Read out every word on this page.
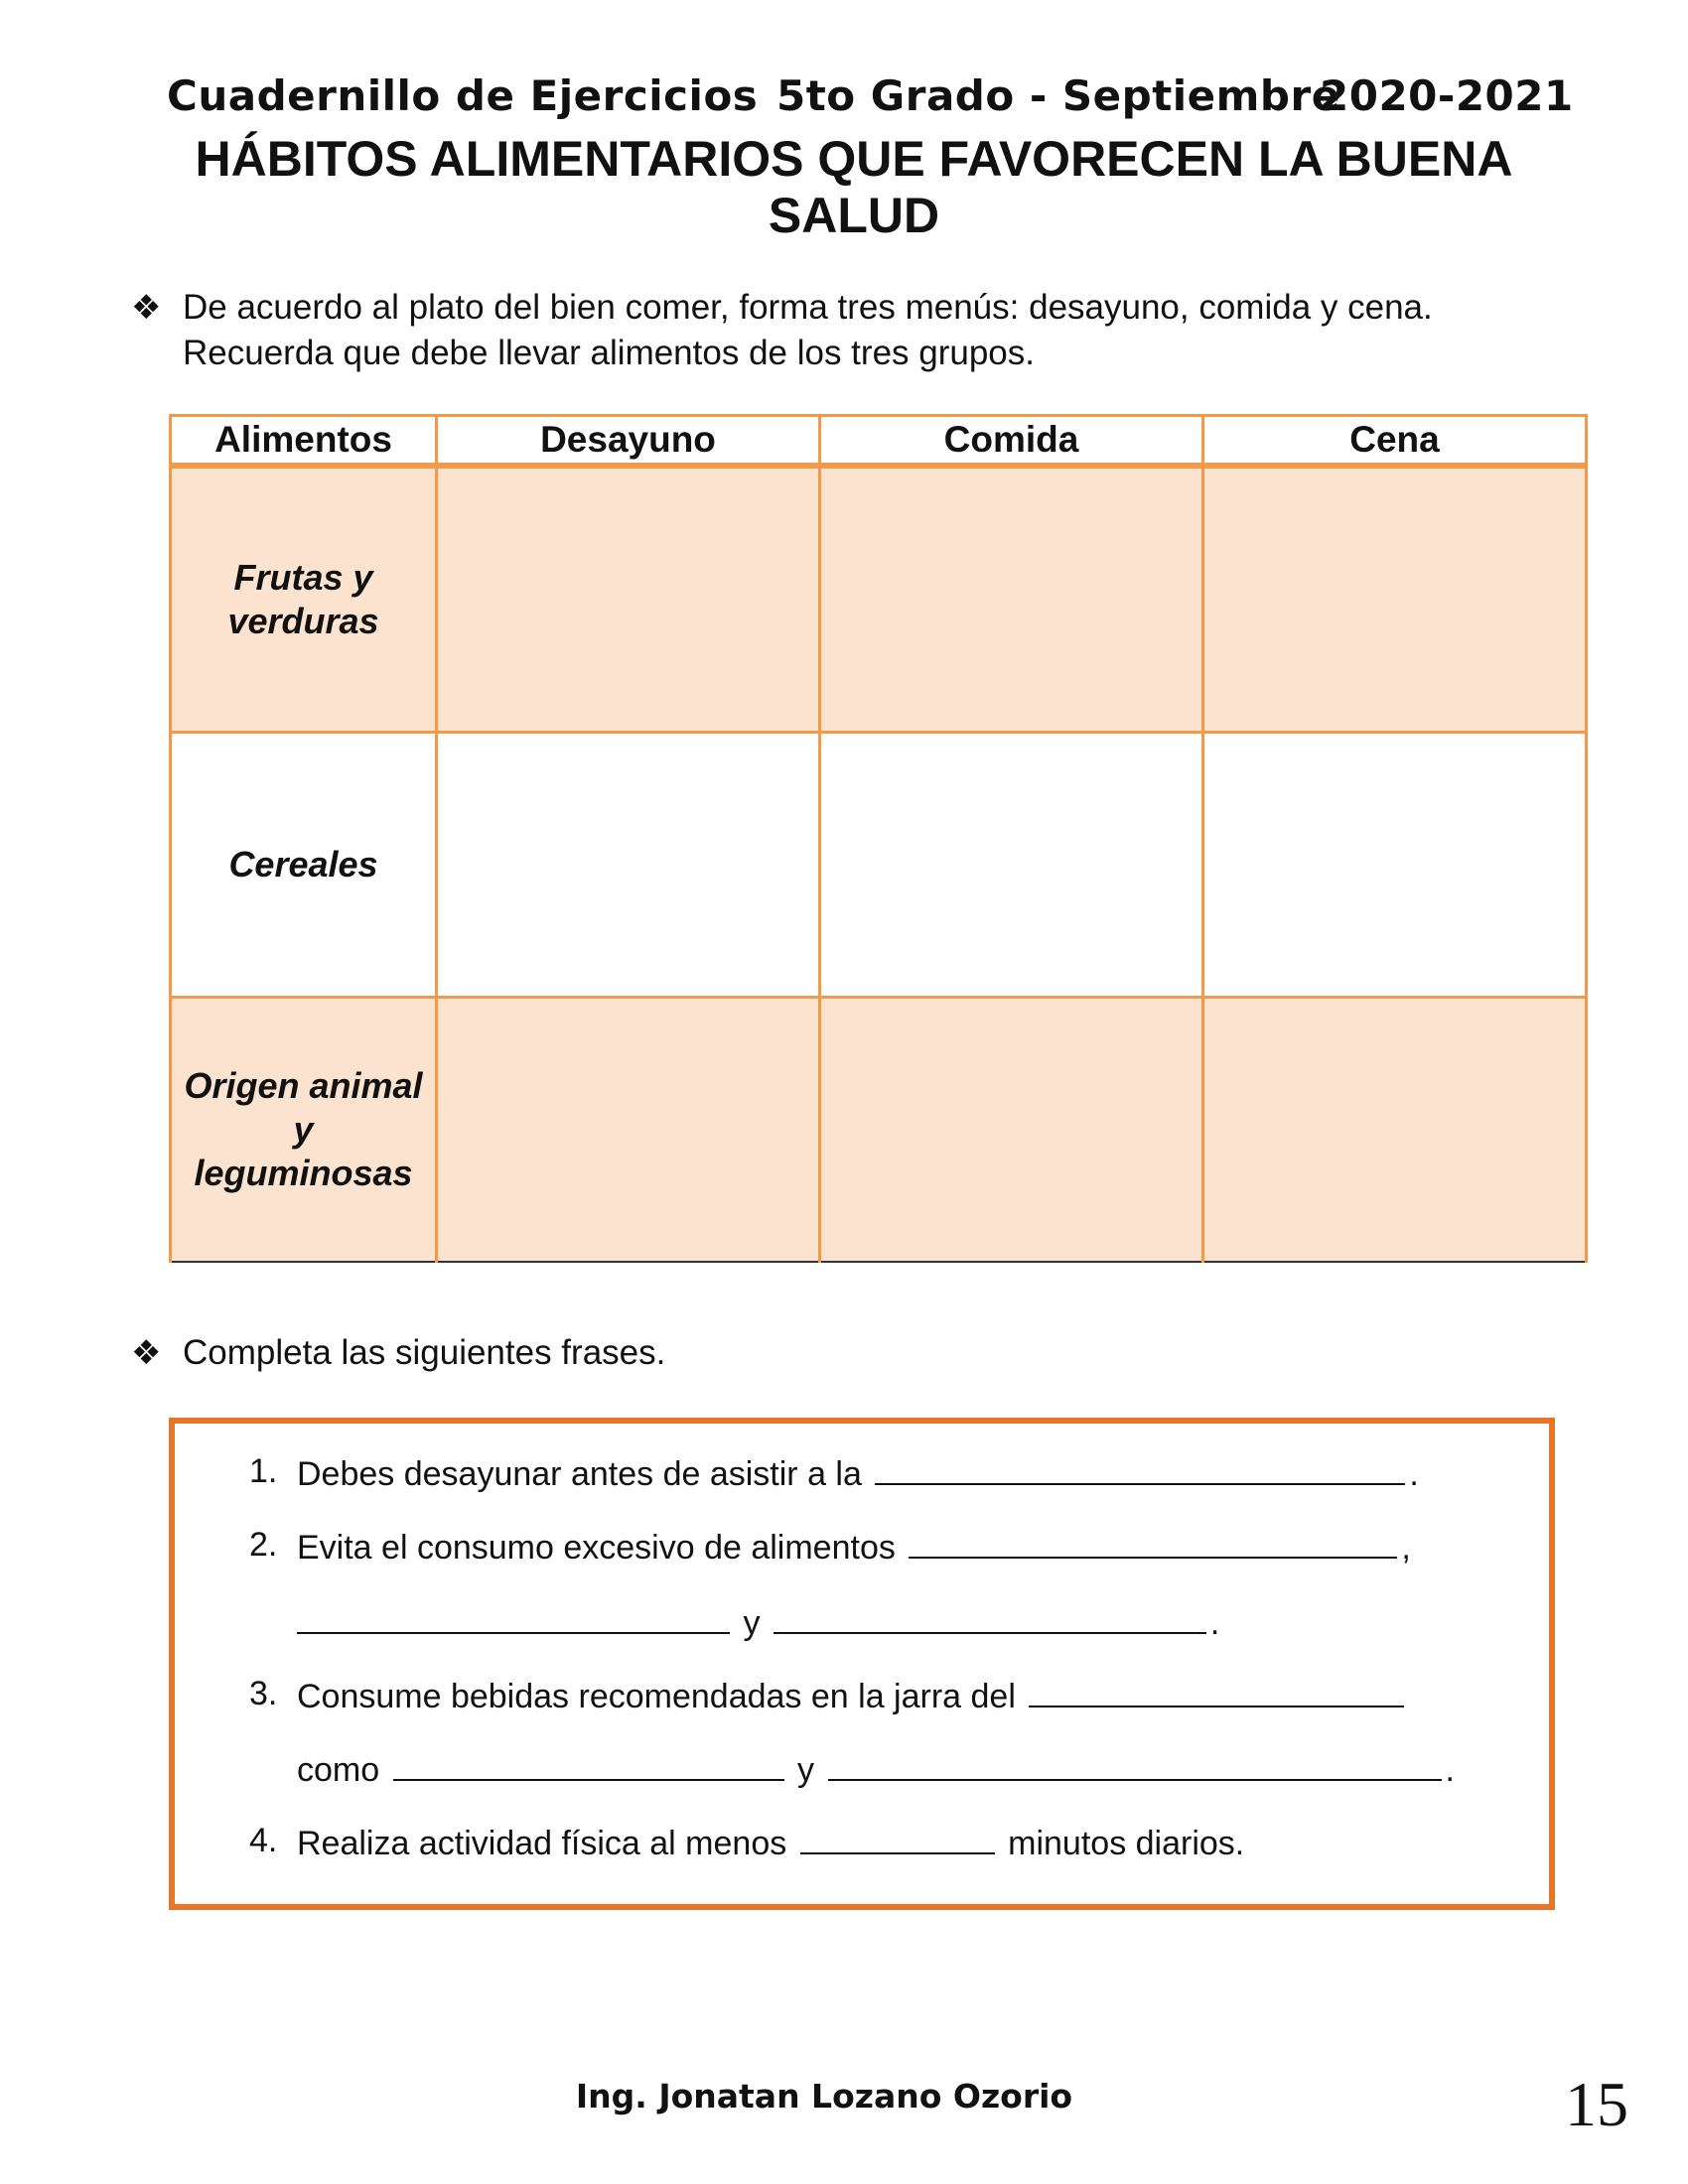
Cuadernillo de Ejercicios 5to Grado - Septiembre
2020-2021
HÁBITOS ALIMENTARIOS QUE FAVORECEN LA BUENA SALUD
❖ De acuerdo al plato del bien comer, forma tres menús: desayuno, comida y cena. Recuerda que debe llevar alimentos de los tres grupos.
Alimentos	Desayuno	Comida	Cena
Frutas y verduras			
Cereales			
Origen animal y leguminosas			
❖ Completa las siguientes frases.
1. Debes desayunar antes de asistir a la	.
2. Evita el consumo excesivo de alimentos	,
y	.
3. Consume bebidas recomendadas en la jarra del
como	y	.
4. Realiza actividad física al menos	minutos diarios.
Ing. Jonatan Lozano Ozorio	15
